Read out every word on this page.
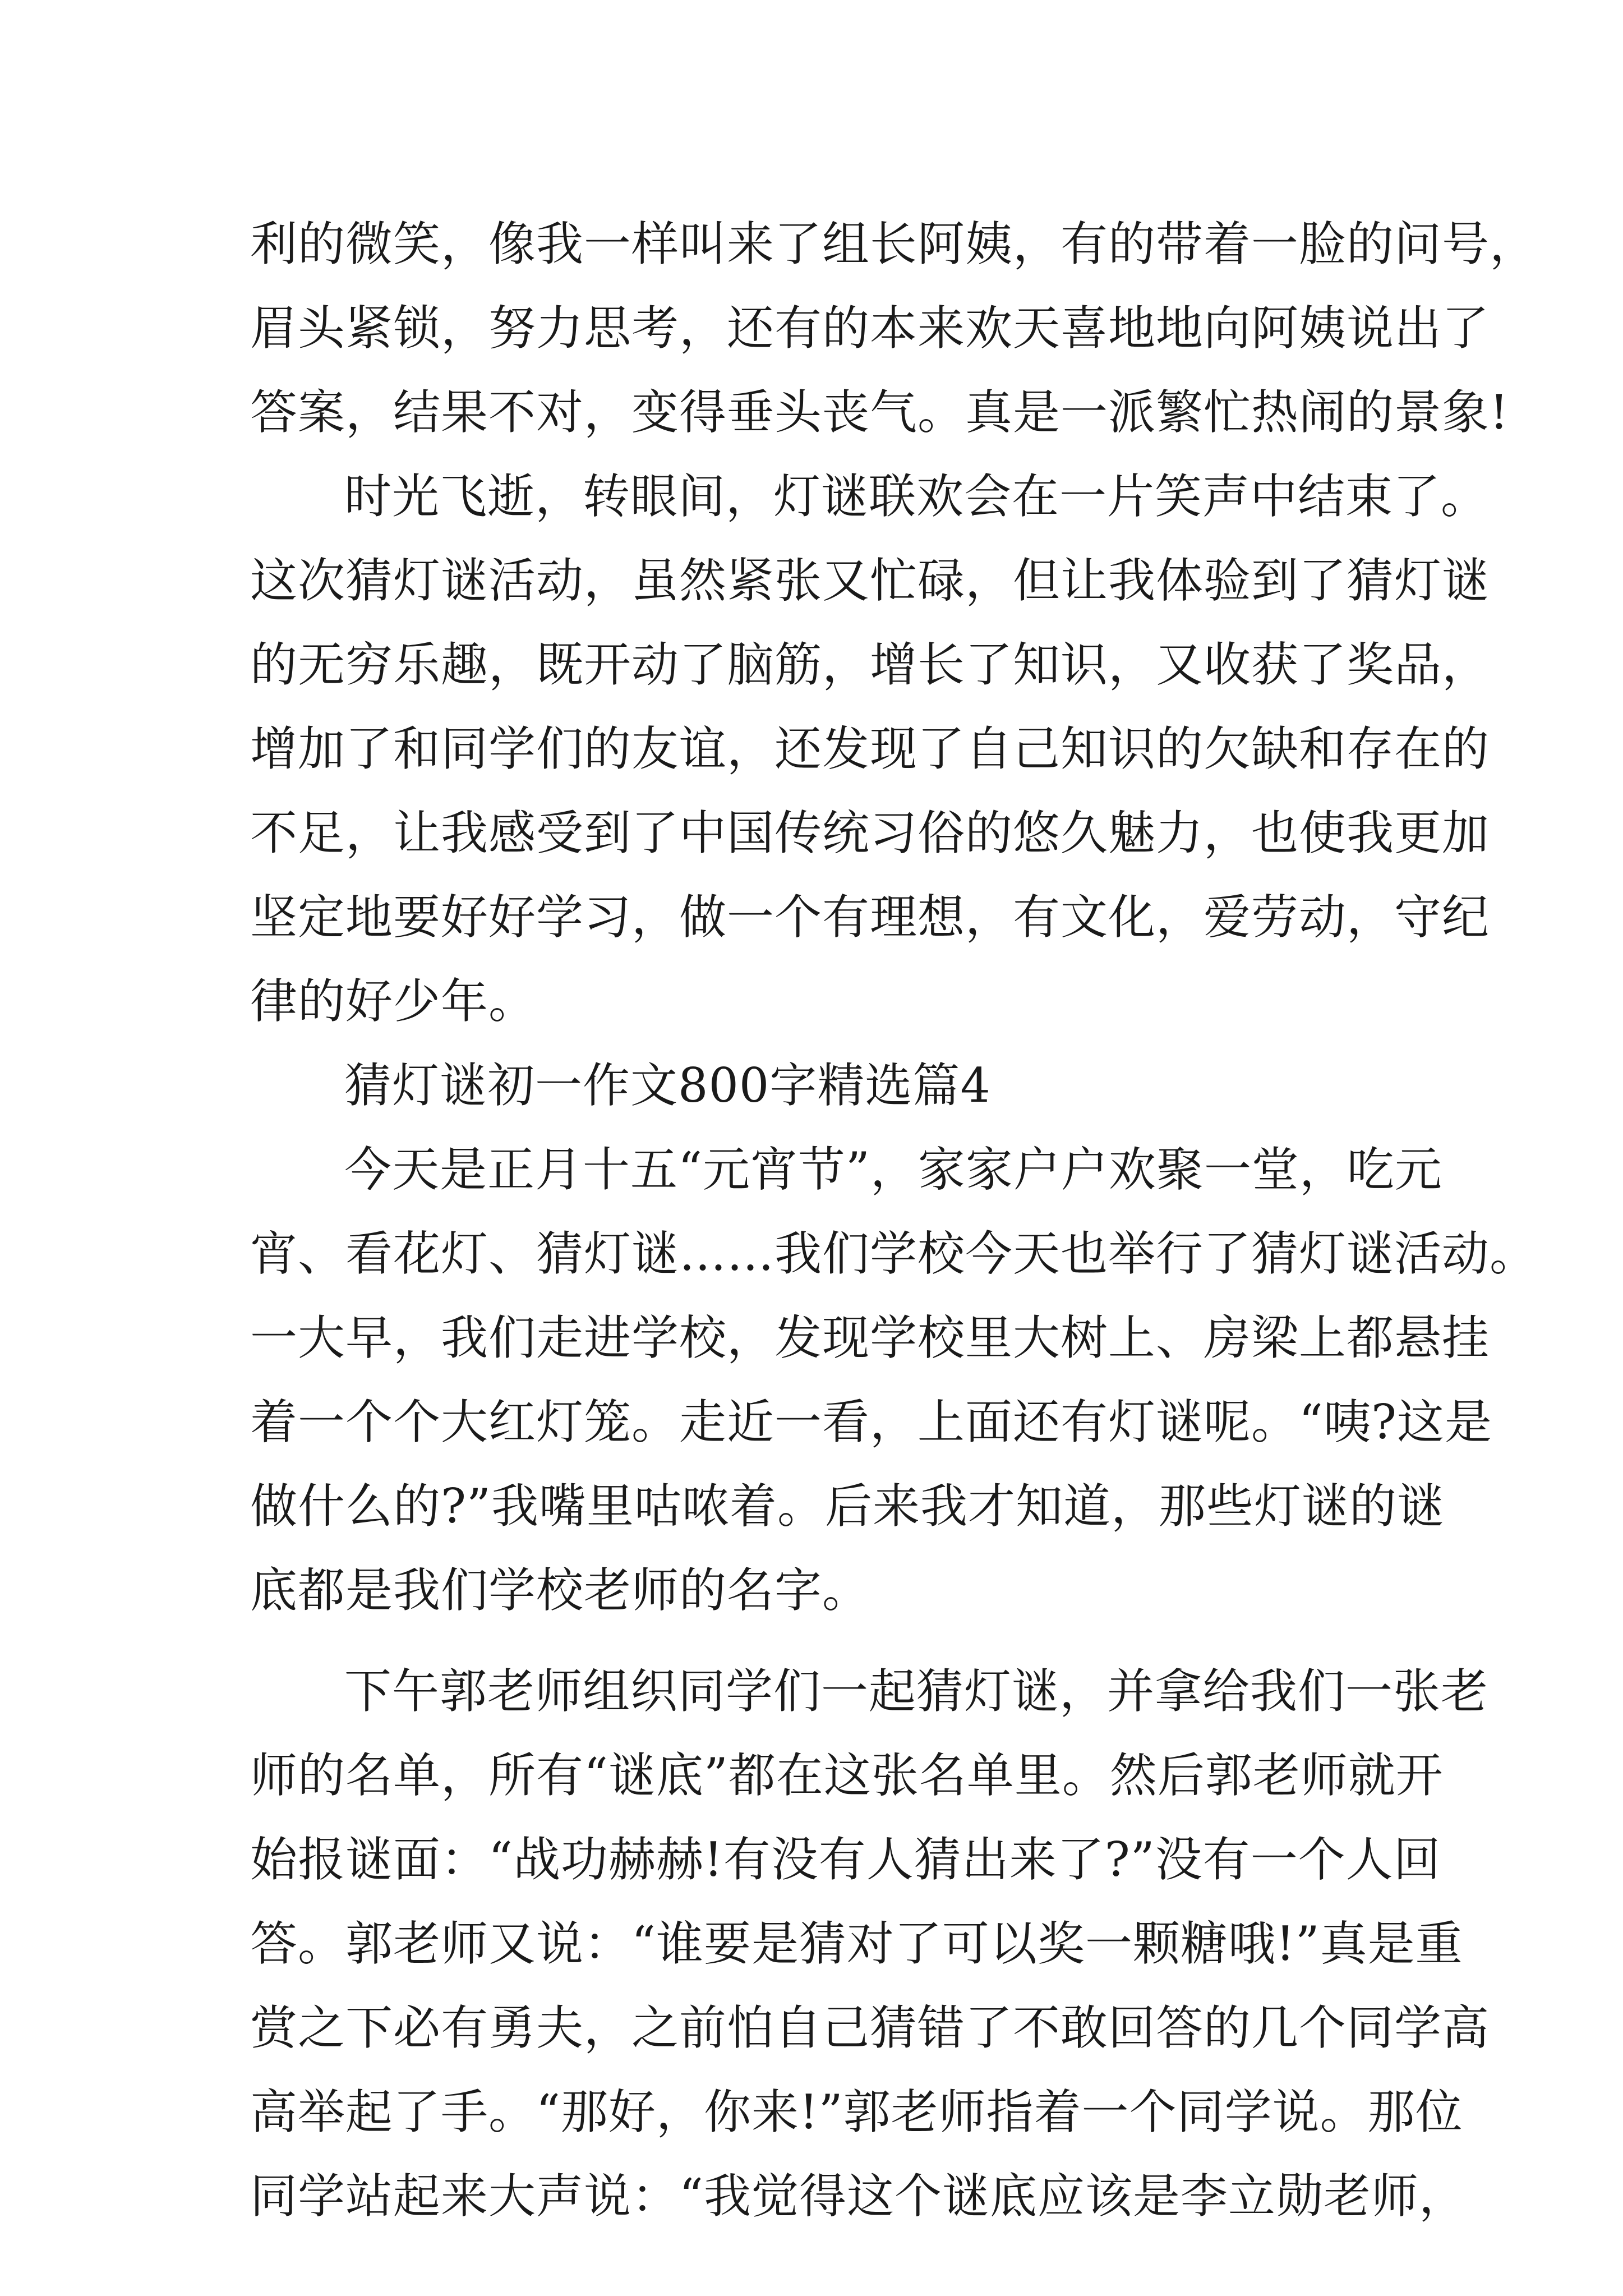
利的微笑，像我一样叫来了组长阿姨，有的带着一脸的问号，
眉头紧锁，努力思考，还有的本来欢天喜地地向阿姨说出了
答案，结果不对，变得垂头丧气。真是一派繁忙热闹的景象!
时光飞逝，转眼间，灯谜联欢会在一片笑声中结束了。
这次猜灯谜活动，虽然紧张又忙碌，但让我体验到了猜灯谜
的无穷乐趣，既开动了脑筋，增长了知识，又收获了奖品，
增加了和同学们的友谊，还发现了自己知识的欠缺和存在的
不足，让我感受到了中国传统习俗的悠久魅力，也使我更加
坚定地要好好学习，做一个有理想，有文化，爱劳动，守纪
律的好少年。
猜灯谜初一作文800字精选篇4
今天是正月十五“元宵节”，家家户户欢聚一堂，吃元
宵、看花灯、猜灯谜……我们学校今天也举行了猜灯谜活动。
一大早，我们走进学校，发现学校里大树上、房梁上都悬挂
着一个个大红灯笼。走近一看，上面还有灯谜呢。“咦?这是
做什么的?”我嘴里咕哝着。后来我才知道，那些灯谜的谜
底都是我们学校老师的名字。
下午郭老师组织同学们一起猜灯谜，并拿给我们一张老
师的名单，所有“谜底”都在这张名单里。然后郭老师就开
始报谜面：“战功赫赫!有没有人猜出来了?”没有一个人回
答。郭老师又说：“谁要是猜对了可以奖一颗糖哦!”真是重
赏之下必有勇夫，之前怕自己猜错了不敢回答的几个同学高
高举起了手。“那好，你来!”郭老师指着一个同学说。那位
同学站起来大声说：“我觉得这个谜底应该是李立勋老师，
